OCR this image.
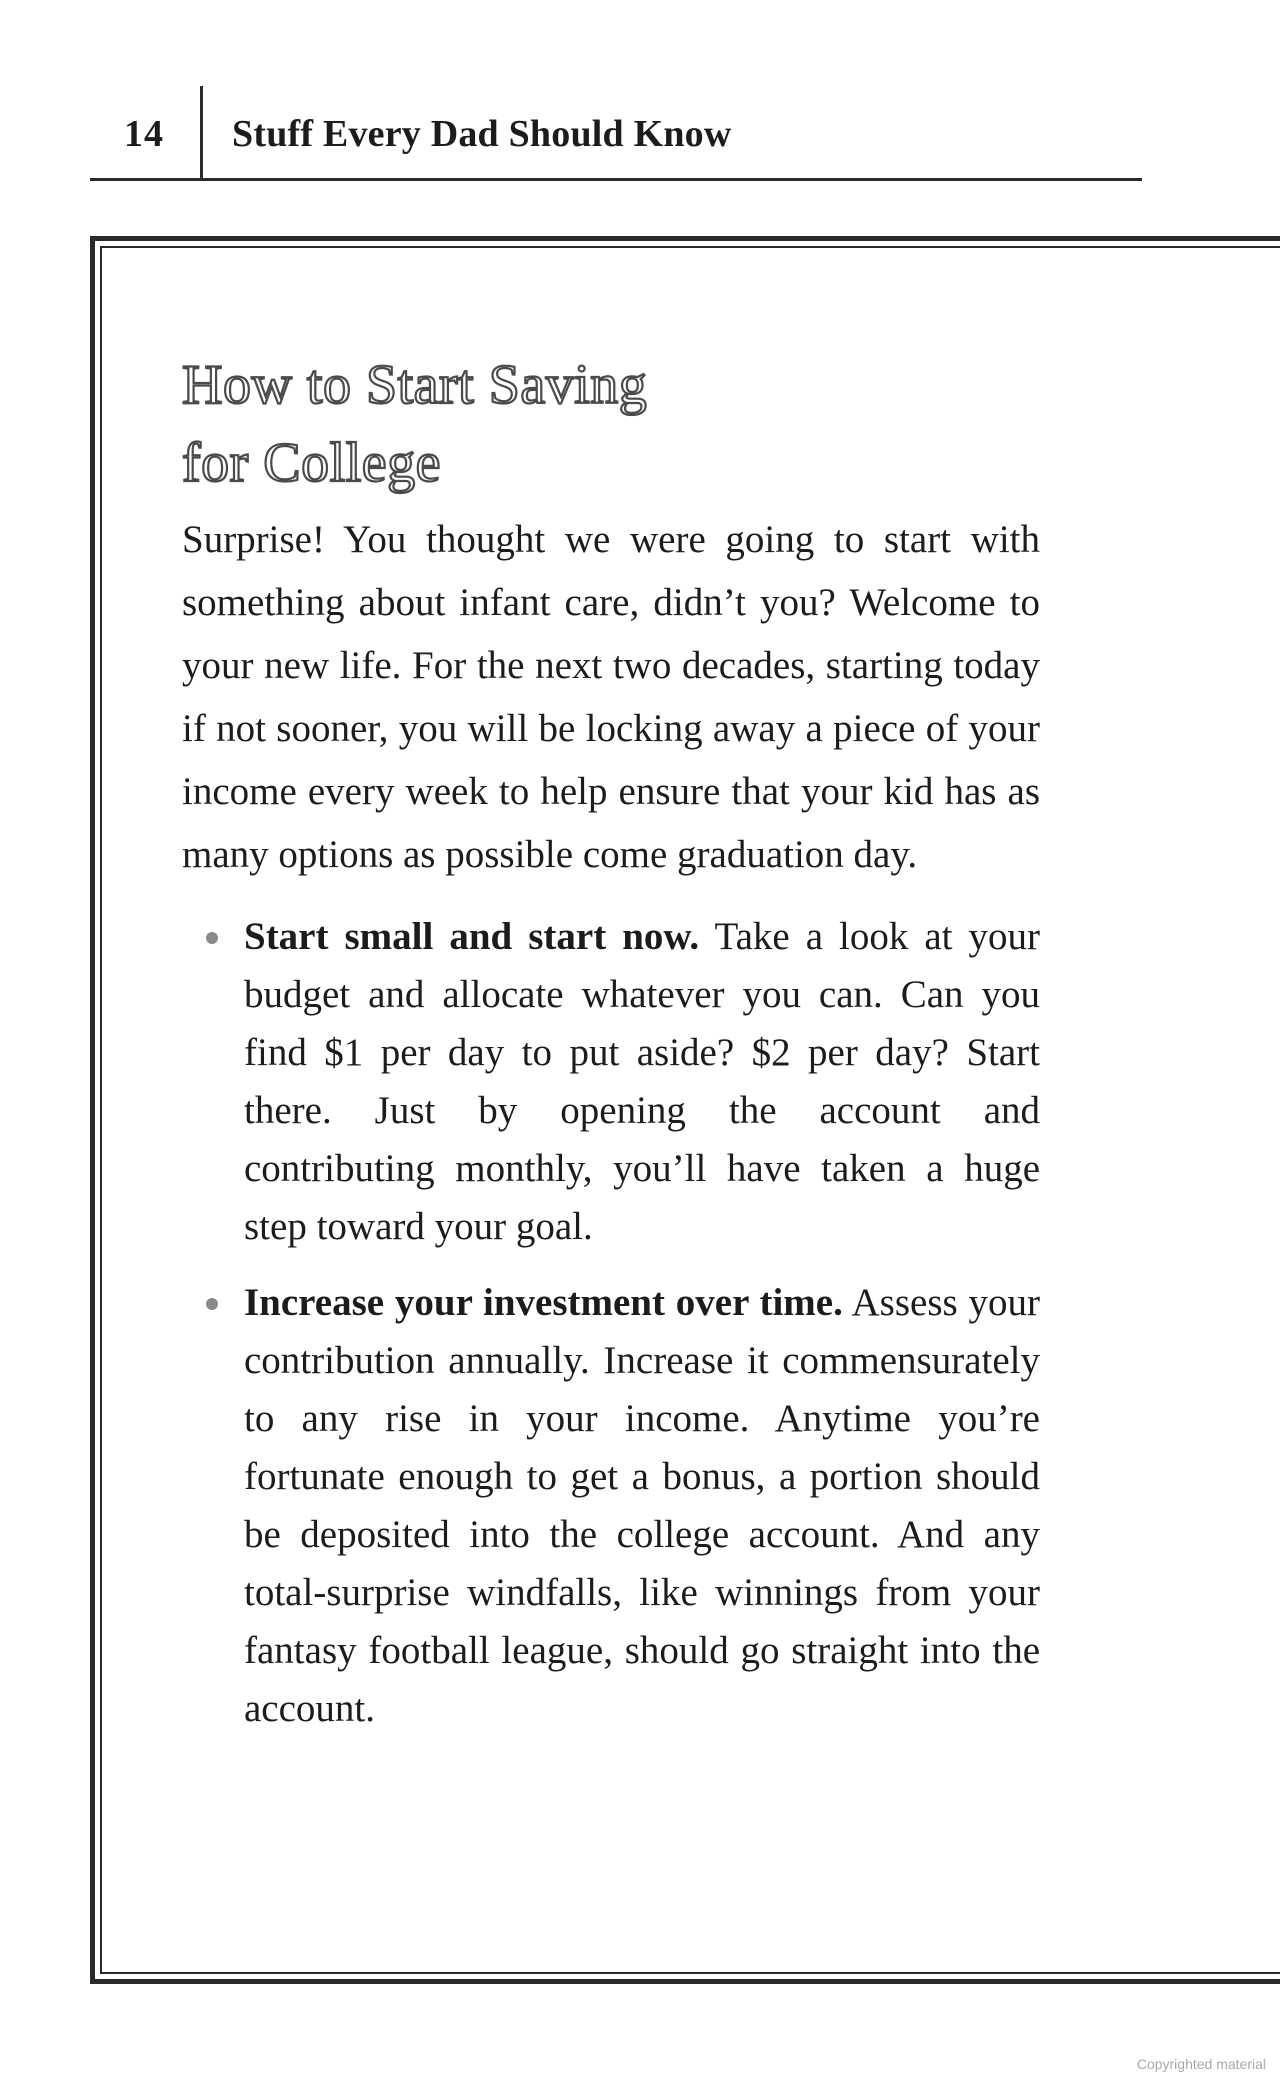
14 Stuff Every Dad Should Know
How to Start Saving
for College

Surprise! You thought we were going to start with something about infant care, didn’t you? Welcome to your new life. For the next two decades, starting today if not sooner, you will be locking away a piece of your income every week to help ensure that your kid has as many options as possible come graduation day.

Start small and start now. Take a look at your budget and allocate whatever you can. Can you find $1 per day to put aside? $2 per day? Start there. Just by opening the account and contributing monthly, you’ll have taken a huge step toward your goal.
Increase your investment over time. Assess your contribution annually. Increase it commensurately to any rise in your income. Anytime you’re fortunate enough to get a bonus, a portion should be deposited into the college account. And any total-surprise windfalls, like winnings from your fantasy football league, should go straight into the account.
Copyrighted material
